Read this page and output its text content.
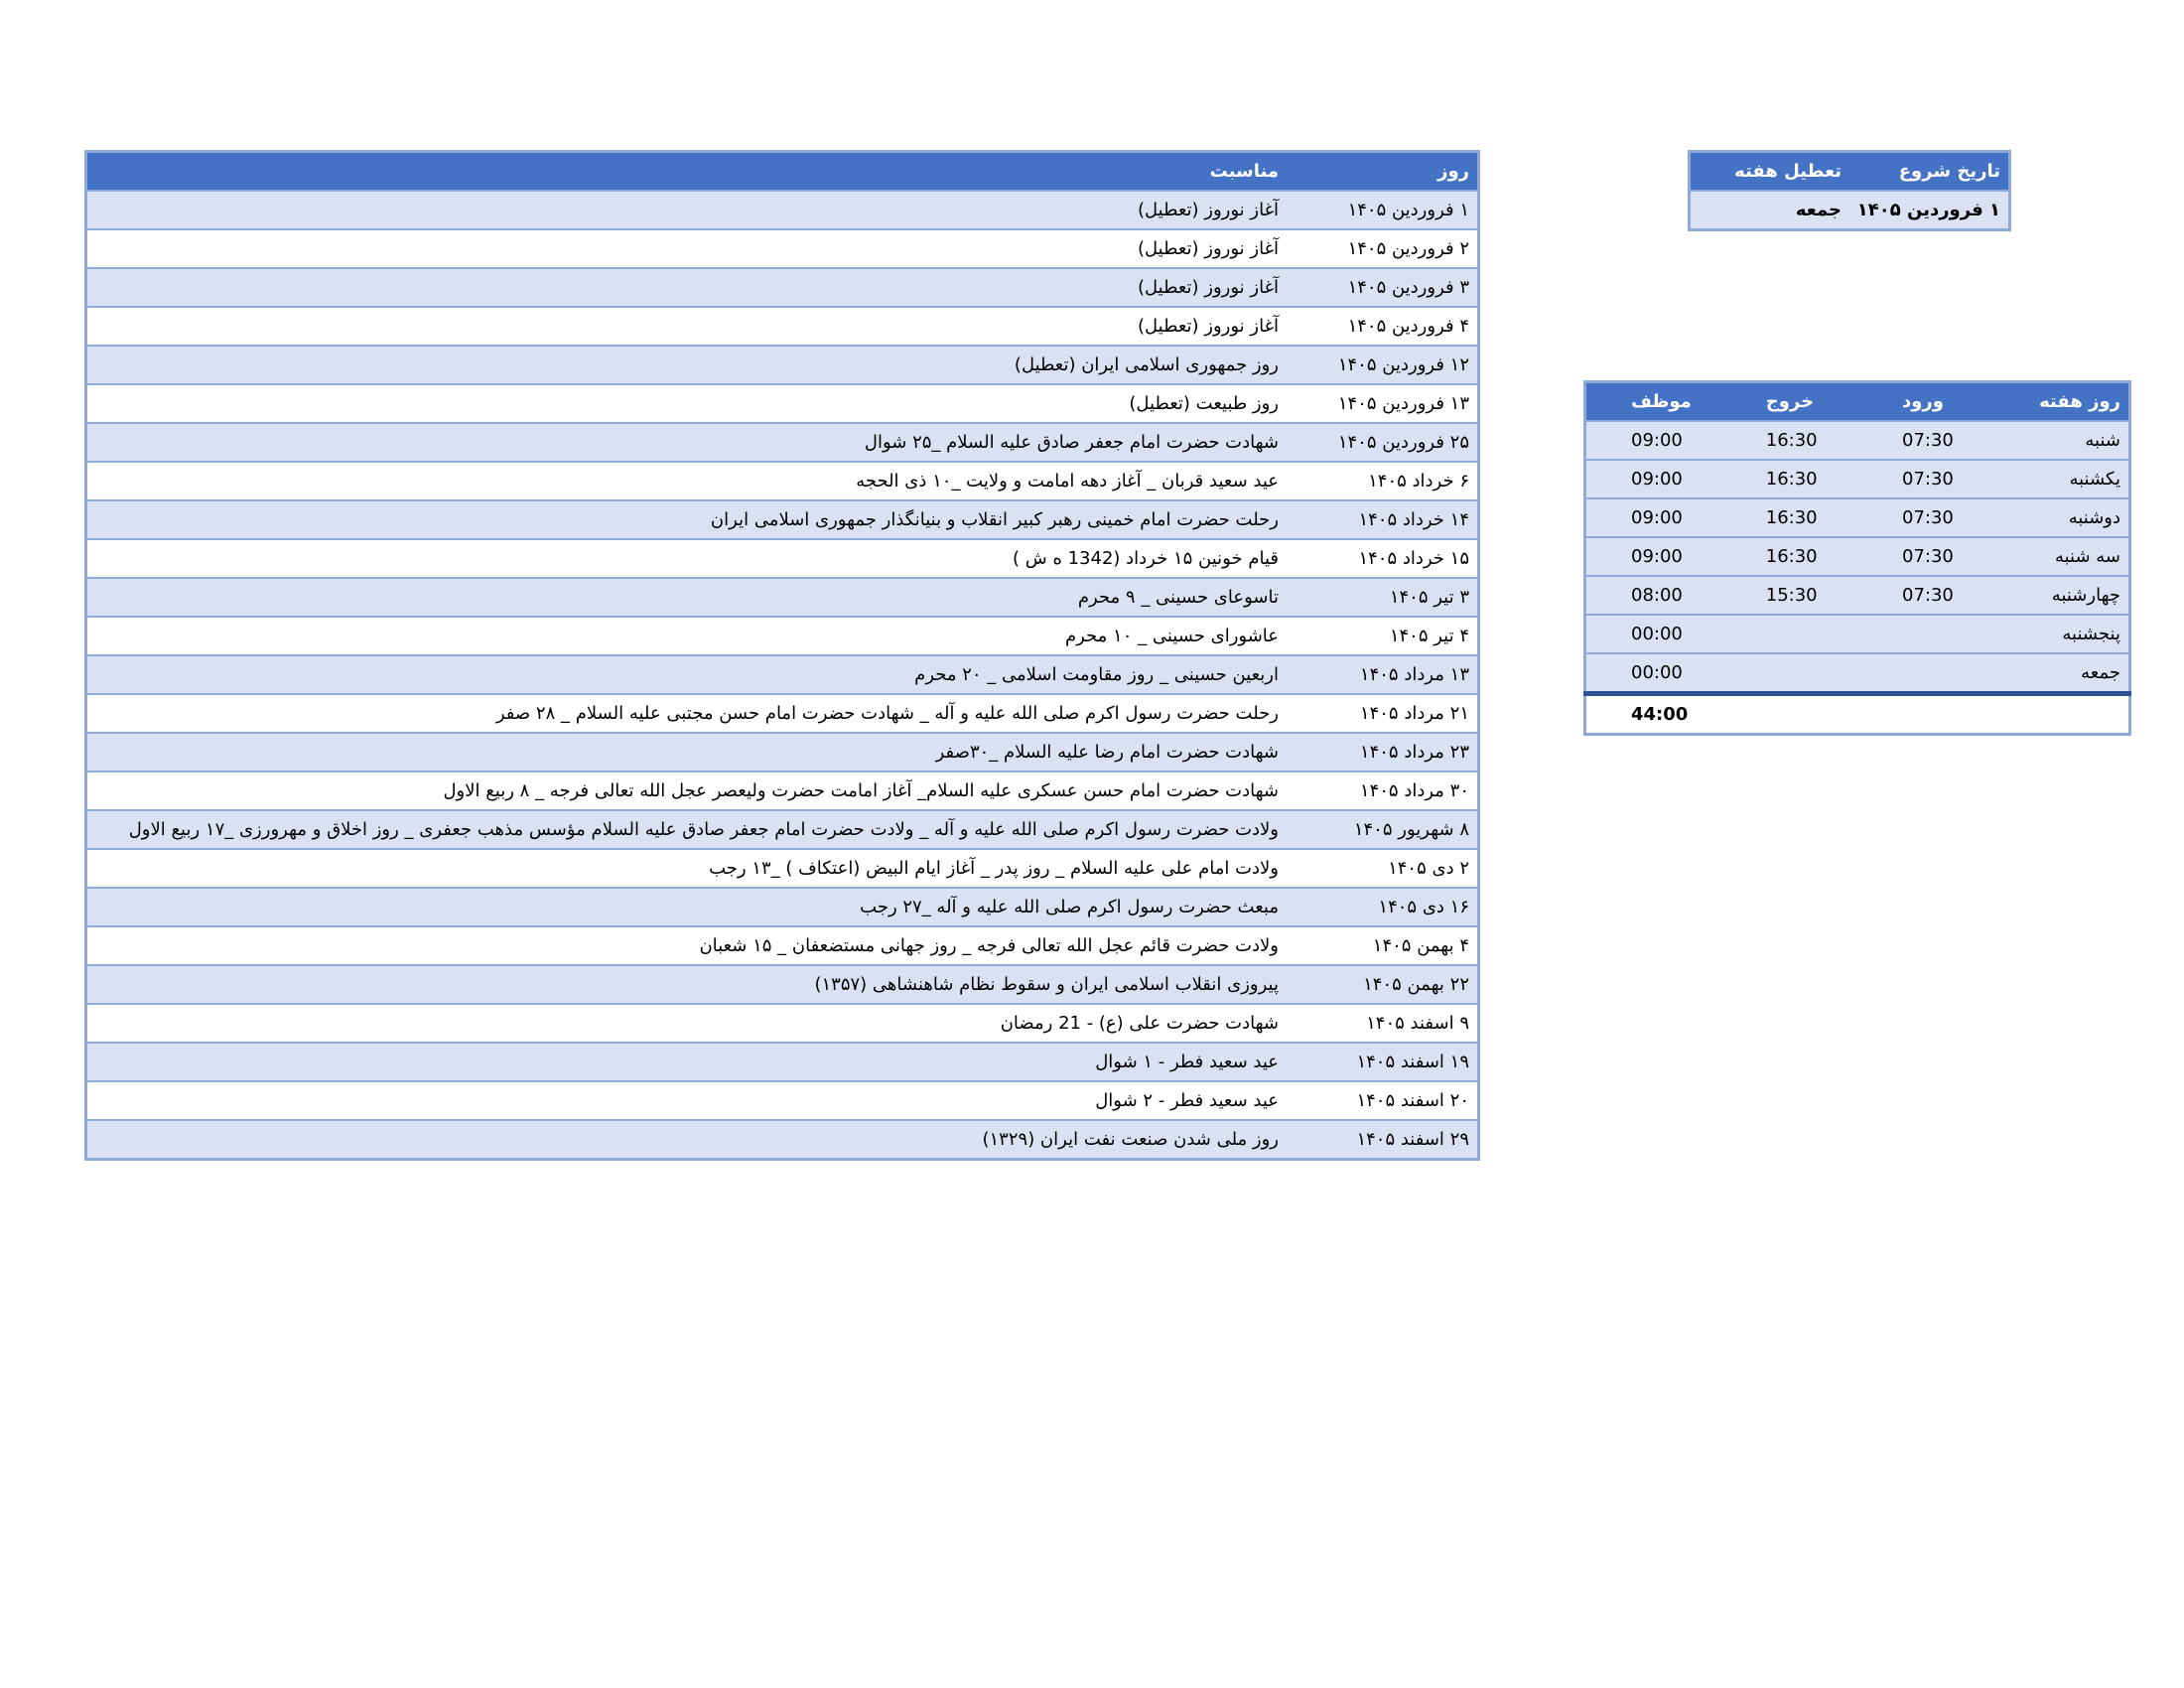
روز	مناسبت
۱ فروردین ۱۴۰۵	آغاز نوروز (تعطیل)
۲ فروردین ۱۴۰۵	آغاز نوروز (تعطیل)
۳ فروردین ۱۴۰۵	آغاز نوروز (تعطیل)
۴ فروردین ۱۴۰۵	آغاز نوروز (تعطیل)
۱۲ فروردین ۱۴۰۵	روز جمهوری اسلامی ایران (تعطیل)
۱۳ فروردین ۱۴۰۵	روز طبیعت (تعطیل)
۲۵ فروردین ۱۴۰۵	شهادت حضرت امام جعفر صادق علیه السلام _۲۵ شوال
۶ خرداد ۱۴۰۵	عید سعید قربان _ آغاز دهه امامت و ولایت _۱۰ ذی الحجه
۱۴ خرداد ۱۴۰۵	رحلت حضرت امام خمینی رهبر کبیر انقلاب و بنیانگذار جمهوری اسلامی ایران
۱۵ خرداد ۱۴۰۵	قیام خونین ۱۵ خرداد (1342 ه ش )
۳ تیر ۱۴۰۵	تاسوعای حسینی _ ۹ محرم
۴ تیر ۱۴۰۵	عاشورای حسینی _ ۱۰ محرم
۱۳ مرداد ۱۴۰۵	اربعین حسینی _ روز مقاومت اسلامی _ ۲۰ محرم
۲۱ مرداد ۱۴۰۵	رحلت حضرت رسول اکرم صلی الله علیه و آله _ شهادت حضرت امام حسن مجتبی علیه السلام _ ۲۸ صفر
۲۳ مرداد ۱۴۰۵	شهادت حضرت امام رضا علیه السلام _۳۰صفر
۳۰ مرداد ۱۴۰۵	شهادت حضرت امام حسن عسکری علیه السلام_ آغاز امامت حضرت ولیعصر عجل الله تعالی فرجه _ ۸ ربیع الاول
۸ شهریور ۱۴۰۵	ولادت حضرت رسول اکرم صلی الله علیه و آله _ ولادت حضرت امام جعفر صادق علیه السلام مؤسس مذهب جعفری _ روز اخلاق و مهرورزی _۱۷ ربیع الاول
۲ دی ۱۴۰۵	ولادت امام علی علیه السلام _ روز پدر _ آغاز ایام البیض (اعتکاف ) _۱۳ رجب
۱۶ دی ۱۴۰۵	مبعث حضرت رسول اکرم صلی الله علیه و آله _۲۷ رجب
۴ بهمن ۱۴۰۵	ولادت حضرت قائم عجل الله تعالی فرجه _ روز جهانی مستضعفان _ ۱۵ شعبان
۲۲ بهمن ۱۴۰۵	پیروزی انقلاب اسلامی ایران و سقوط نظام شاهنشاهی (۱۳۵۷)
۹ اسفند ۱۴۰۵	شهادت حضرت علی (ع) - 21 رمضان
۱۹ اسفند ۱۴۰۵	عید سعید فطر - ۱ شوال
۲۰ اسفند ۱۴۰۵	عید سعید فطر - ۲ شوال
۲۹ اسفند ۱۴۰۵	روز ملی شدن صنعت نفت ایران (۱۳۲۹)
تاریخ شروع	تعطیل هفته
۱ فروردین ۱۴۰۵	جمعه
روز هفته	ورود	خروج	موظف
شنبه	07:30	16:30	09:00
یکشنبه	07:30	16:30	09:00
دوشنبه	07:30	16:30	09:00
سه شنبه	07:30	16:30	09:00
چهارشنبه	07:30	15:30	08:00
پنجشنبه			00:00
جمعه			00:00
			44:00
